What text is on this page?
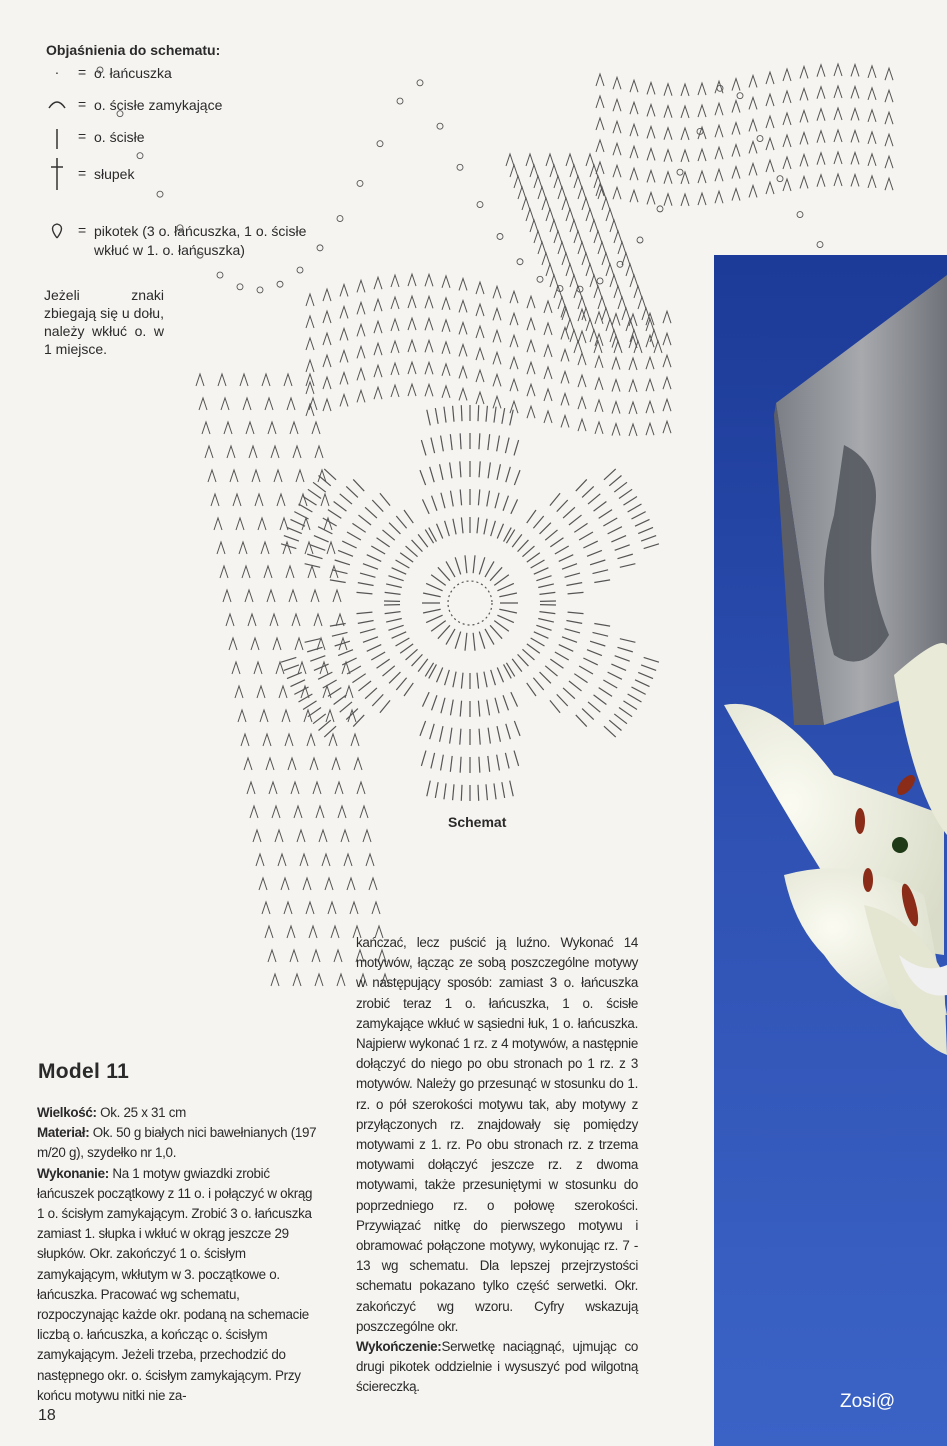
Objaśnienia do schematu:
·	= o. łańcuszka
= o. ścisłe zamykające
= o. ścisłe
= słupek
= pikotek (3 o. łańcuszka, 1 o. ścisłe wkłuć w 1. o. łańcuszka)
Jeżeli znaki zbiegają się u dołu, należy wkłuć o. w 1 miejsce.
Schemat
Zosi@
Model 11
Wielkość: Ok. 25 x 31 cm
Materiał: Ok. 50 g białych nici bawełnianych (197 m/20 g), szydełko nr 1,0.
Wykonanie: Na 1 motyw gwiazdki zrobić łańcuszek początkowy z 11 o. i połączyć w okrąg 1 o. ścisłym zamykającym. Zrobić 3 o. łańcuszka zamiast 1. słupka i wkłuć w okrąg jeszcze 29 słupków. Okr. zakończyć 1 o. ścisłym zamykającym, wkłutym w 3. początkowe o. łańcuszka. Pracować wg schematu, rozpoczynając każde okr. podaną na schemacie liczbą o. łańcuszka, a kończąc o. ścisłym zamykającym. Jeżeli trzeba, przechodzić do następnego okr. o. ścisłym zamykającym. Przy końcu motywu nitki nie za-
kańczać, lecz puścić ją luźno. Wykonać 14 motywów, łącząc ze sobą poszczególne motywy w następujący sposób: zamiast 3 o. łańcuszka zrobić teraz 1 o. łańcuszka, 1 o. ścisłe zamykające wkłuć w sąsiedni łuk, 1 o. łańcuszka. Najpierw wykonać 1 rz. z 4 motywów, a następnie dołączyć do niego po obu stronach po 1 rz. z 3 motywów. Należy go przesunąć w stosunku do 1. rz. o pół szerokości motywu tak, aby motywy z przyłączonych rz. znajdowały się pomiędzy motywami z 1. rz. Po obu stronach rz. z trzema motywami dołączyć jeszcze rz. z dwoma motywami, także przesuniętymi w stosunku do poprzedniego rz. o połowę szerokości. Przywiązać nitkę do pierwszego motywu i obramować połączone motywy, wykonując rz. 7 - 13 wg schematu. Dla lepszej przejrzystości schematu pokazano tylko część serwetki. Okr. zakończyć wg wzoru. Cyfry wskazują poszczególne okr.
Wykończenie:Serwetkę naciągnąć, ujmując co drugi pikotek oddzielnie i wysuszyć pod wilgotną ściereczką.
18
